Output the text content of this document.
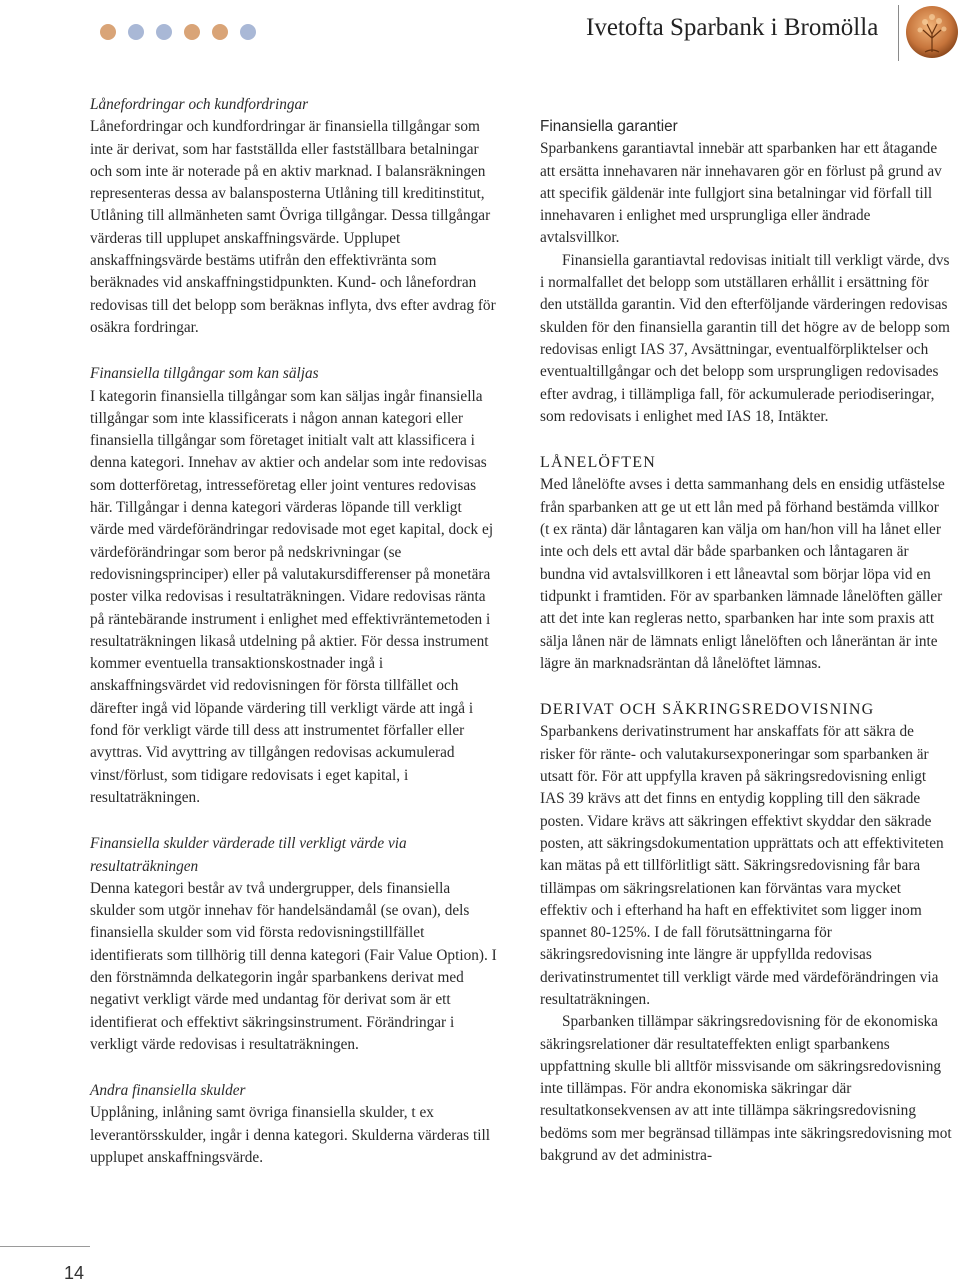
Ivetofta Sparbank i Bromölla

Lånefordringar och kundfordringar

Lånefordringar och kundfordringar är finansiella tillgångar som inte är derivat, som har fastställda eller fastställbara betalningar och som inte är noterade på en aktiv marknad. I balansräkningen representeras dessa av balansposterna Utlåning till kreditinstitut, Utlåning till allmänheten samt Övriga tillgångar. Dessa tillgångar värderas till upplupet anskaffningsvärde. Upplupet anskaffningsvärde bestäms utifrån den effektivränta som beräknades vid anskaffningstidpunkten. Kund- och lånefordran redovisas till det belopp som beräknas inflyta, dvs efter avdrag för osäkra fordringar.

Finansiella tillgångar som kan säljas

I kategorin finansiella tillgångar som kan säljas ingår finansiella tillgångar som inte klassificerats i någon annan kategori eller finansiella tillgångar som företaget initialt valt att klassificera i denna kategori. Innehav av aktier och andelar som inte redovisas som dotterföretag, intresseföretag eller joint ventures redovisas här. Tillgångar i denna kategori värderas löpande till verkligt värde med värdeförändringar redovisade mot eget kapital, dock ej värdeförändringar som beror på nedskrivningar (se redovisningsprinciper) eller på valutakursdifferenser på monetära poster vilka redovisas i resultaträkningen. Vidare redovisas ränta på räntebärande instrument i enlighet med effektivräntemetoden i resultaträkningen likaså utdelning på aktier. För dessa instrument kommer eventuella transaktionskostnader ingå i anskaffningsvärdet vid redovisningen för första tillfället och därefter ingå vid löpande värdering till verkligt värde att ingå i fond för verkligt värde till dess att instrumentet förfaller eller avyttras. Vid avyttring av tillgången redovisas ackumulerad vinst/förlust, som tidigare redovisats i eget kapital, i resultaträkningen.

Finansiella skulder värderade till verkligt värde via resultaträkningen

Denna kategori består av två undergrupper, dels finansiella skulder som utgör innehav för handelsändamål (se ovan), dels finansiella skulder som vid första redovisningstillfället identifierats som tillhörig till denna kategori (Fair Value Option). I den förstnämnda delkategorin ingår sparbankens derivat med negativt verkligt värde med undantag för derivat som är ett identifierat och effektivt säkringsinstrument. Förändringar i verkligt värde redovisas i resultaträkningen.

Andra finansiella skulder

Upplåning, inlåning samt övriga finansiella skulder, t ex leverantörsskulder, ingår i denna kategori. Skulderna värderas till upplupet anskaffningsvärde.

Finansiella garantier

Sparbankens garantiavtal innebär att sparbanken har ett åtagande att ersätta innehavaren när innehavaren gör en förlust på grund av att specifik gäldenär inte fullgjort sina betalningar vid förfall till innehavaren i enlighet med ursprungliga eller ändrade avtalsvillkor.

Finansiella garantiavtal redovisas initialt till verkligt värde, dvs i normalfallet det belopp som utställaren erhållit i ersättning för den utställda garantin. Vid den efterföljande värderingen redovisas skulden för den finansiella garantin till det högre av de belopp som redovisas enligt IAS 37, Avsättningar, eventualförpliktelser och eventualtillgångar och det belopp som ursprungligen redovisades efter avdrag, i tillämpliga fall, för ackumulerade periodiseringar, som redovisats i enlighet med IAS 18, Intäkter.

LÅNELÖFTEN

Med lånelöfte avses i detta sammanhang dels en ensidig utfästelse från sparbanken att ge ut ett lån med på förhand bestämda villkor (t ex ränta) där låntagaren kan välja om han/hon vill ha lånet eller inte och dels ett avtal där både sparbanken och låntagaren är bundna vid avtalsvillkoren i ett låneavtal som börjar löpa vid en tidpunkt i framtiden. För av sparbanken lämnade lånelöften gäller att det inte kan regleras netto, sparbanken har inte som praxis att sälja lånen när de lämnats enligt lånelöften och låneräntan är inte lägre än marknadsräntan då lånelöftet lämnas.

DERIVAT OCH SÄKRINGSREDOVISNING

Sparbankens derivatinstrument har anskaffats för att säkra de risker för ränte- och valutakursexponeringar som sparbanken är utsatt för. För att uppfylla kraven på säkringsredovisning enligt IAS 39 krävs att det finns en entydig koppling till den säkrade posten. Vidare krävs att säkringen effektivt skyddar den säkrade posten, att säkringsdokumentation upprättats och att effektiviteten kan mätas på ett tillförlitligt sätt. Säkringsredovisning får bara tillämpas om säkringsrelationen kan förväntas vara mycket effektiv och i efterhand ha haft en effektivitet som ligger inom spannet 80-125%. I de fall förutsättningarna för säkringsredovisning inte längre är uppfyllda redovisas derivatinstrumentet till verkligt värde med värdeförändringen via resultaträkningen.

Sparbanken tillämpar säkringsredovisning för de ekonomiska säkringsrelationer där resultateffekten enligt sparbankens uppfattning skulle bli alltför missvisande om säkringsredovisning inte tillämpas. För andra ekonomiska säkringar där resultatkonsekvensen av att inte tillämpa säkringsredovisning bedöms som mer begränsad tillämpas inte säkringsredovisning mot bakgrund av det administra-

14
